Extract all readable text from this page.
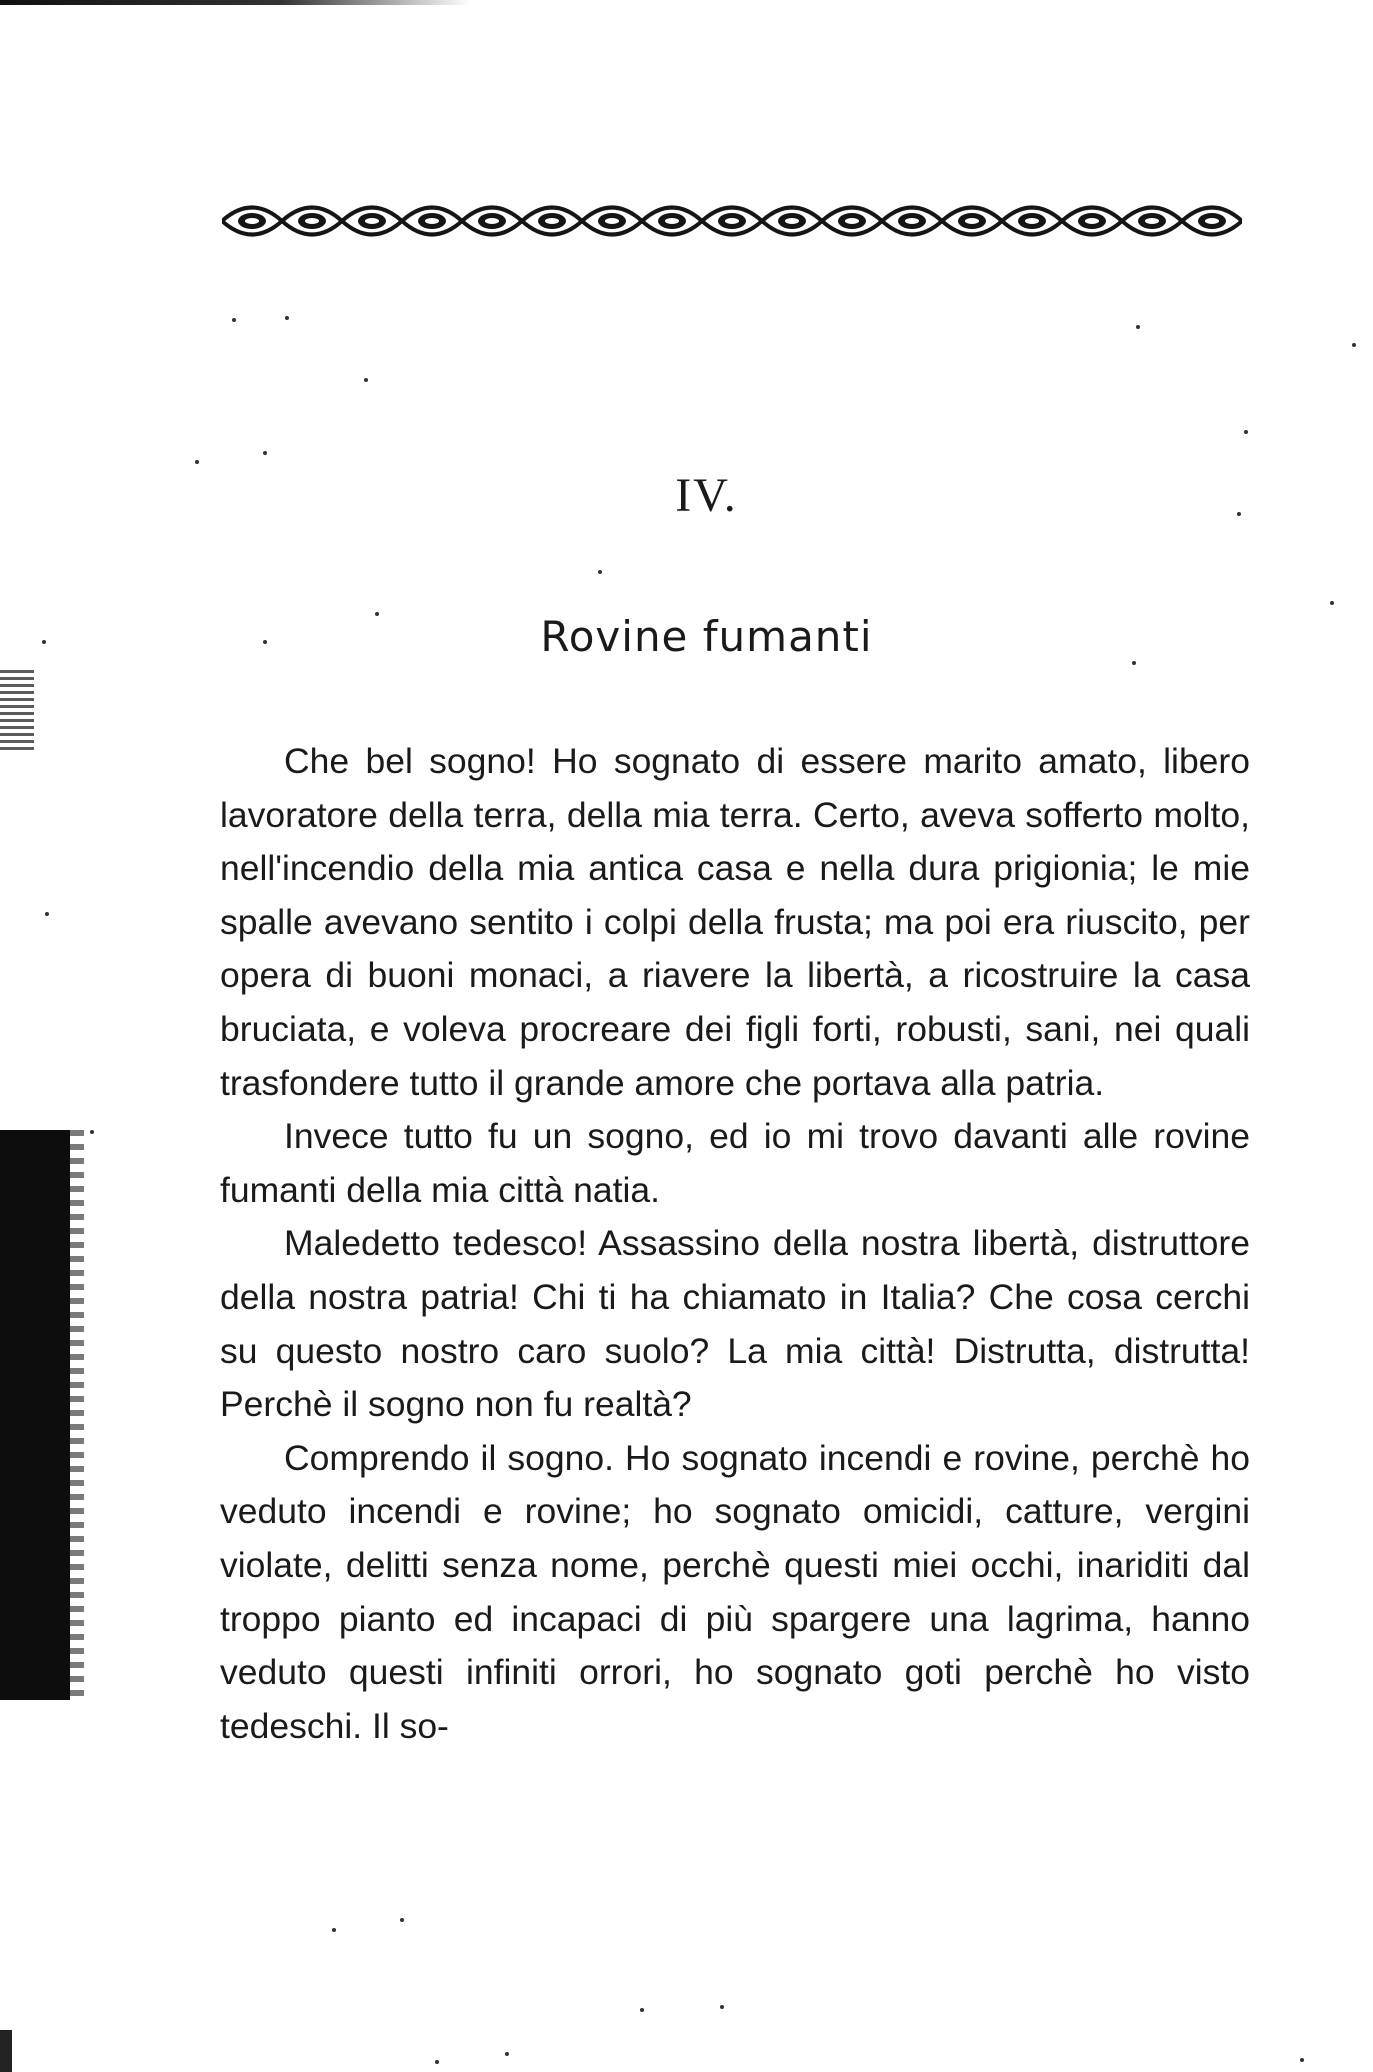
IV.
Rovine fumanti

Che bel sogno! Ho sognato di essere marito amato, libero lavoratore della terra, della mia terra. Certo, aveva sofferto molto, nell'incendio della mia antica casa e nella dura prigionia; le mie spalle avevano sentito i colpi della frusta; ma poi era riuscito, per opera di buoni monaci, a riavere la libertà, a ricostruire la casa bruciata, e voleva procreare dei figli forti, robusti, sani, nei quali trasfondere tutto il grande amore che portava alla patria.

Invece tutto fu un sogno, ed io mi trovo davanti alle rovine fumanti della mia città natia.

Maledetto tedesco! Assassino della nostra libertà, distruttore della nostra patria! Chi ti ha chiamato in Italia? Che cosa cerchi su questo nostro caro suolo? La mia città! Distrutta, distrutta! Perchè il sogno non fu realtà?

Comprendo il sogno. Ho sognato incendi e rovine, perchè ho veduto incendi e rovine; ho sognato omicidi, catture, vergini violate, delitti senza nome, perchè questi miei occhi, inariditi dal troppo pianto ed incapaci di più spargere una lagrima, hanno veduto questi infiniti orrori, ho sognato goti perchè ho visto tedeschi. Il so-
